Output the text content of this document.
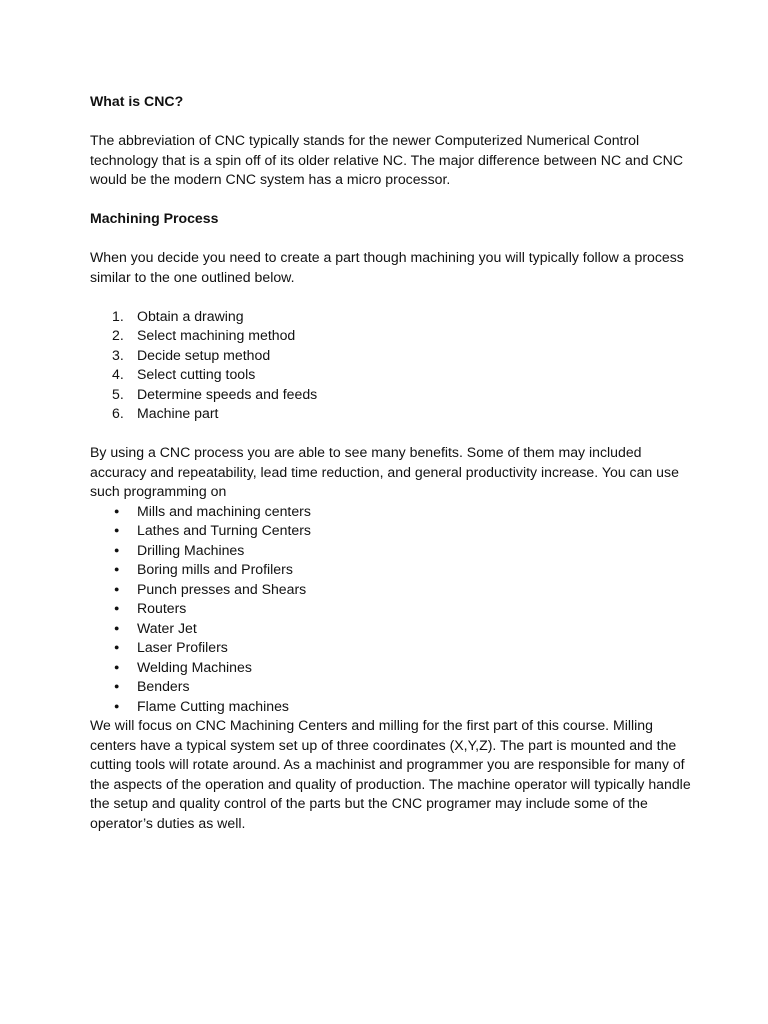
What is CNC?

The abbreviation of CNC typically stands for the newer Computerized Numerical Control technology that is a spin off of its older relative NC. The major difference between NC and CNC would be the modern CNC system has a micro processor.

Machining Process

When you decide you need to create a part though machining you will typically follow a process similar to the one outlined below.

1. Obtain a drawing
2. Select machining method
3. Decide setup method
4. Select cutting tools
5. Determine speeds and feeds
6. Machine part

By using a CNC process you are able to see many benefits. Some of them may included accuracy and repeatability, lead time reduction, and general productivity increase. You can use such programming on

● Mills and machining centers
● Lathes and Turning Centers
● Drilling Machines
● Boring mills and Profilers
● Punch presses and Shears
● Routers
● Water Jet
● Laser Profilers
● Welding Machines
● Benders
● Flame Cutting machines

We will focus on CNC Machining Centers and milling for the first part of this course. Milling centers have a typical system set up of three coordinates (X,Y,Z). The part is mounted and the cutting tools will rotate around. As a machinist and programmer you are responsible for many of the aspects of the operation and quality of production. The machine operator will typically handle the setup and quality control of the parts but the CNC programer may include some of the operator’s duties as well.
